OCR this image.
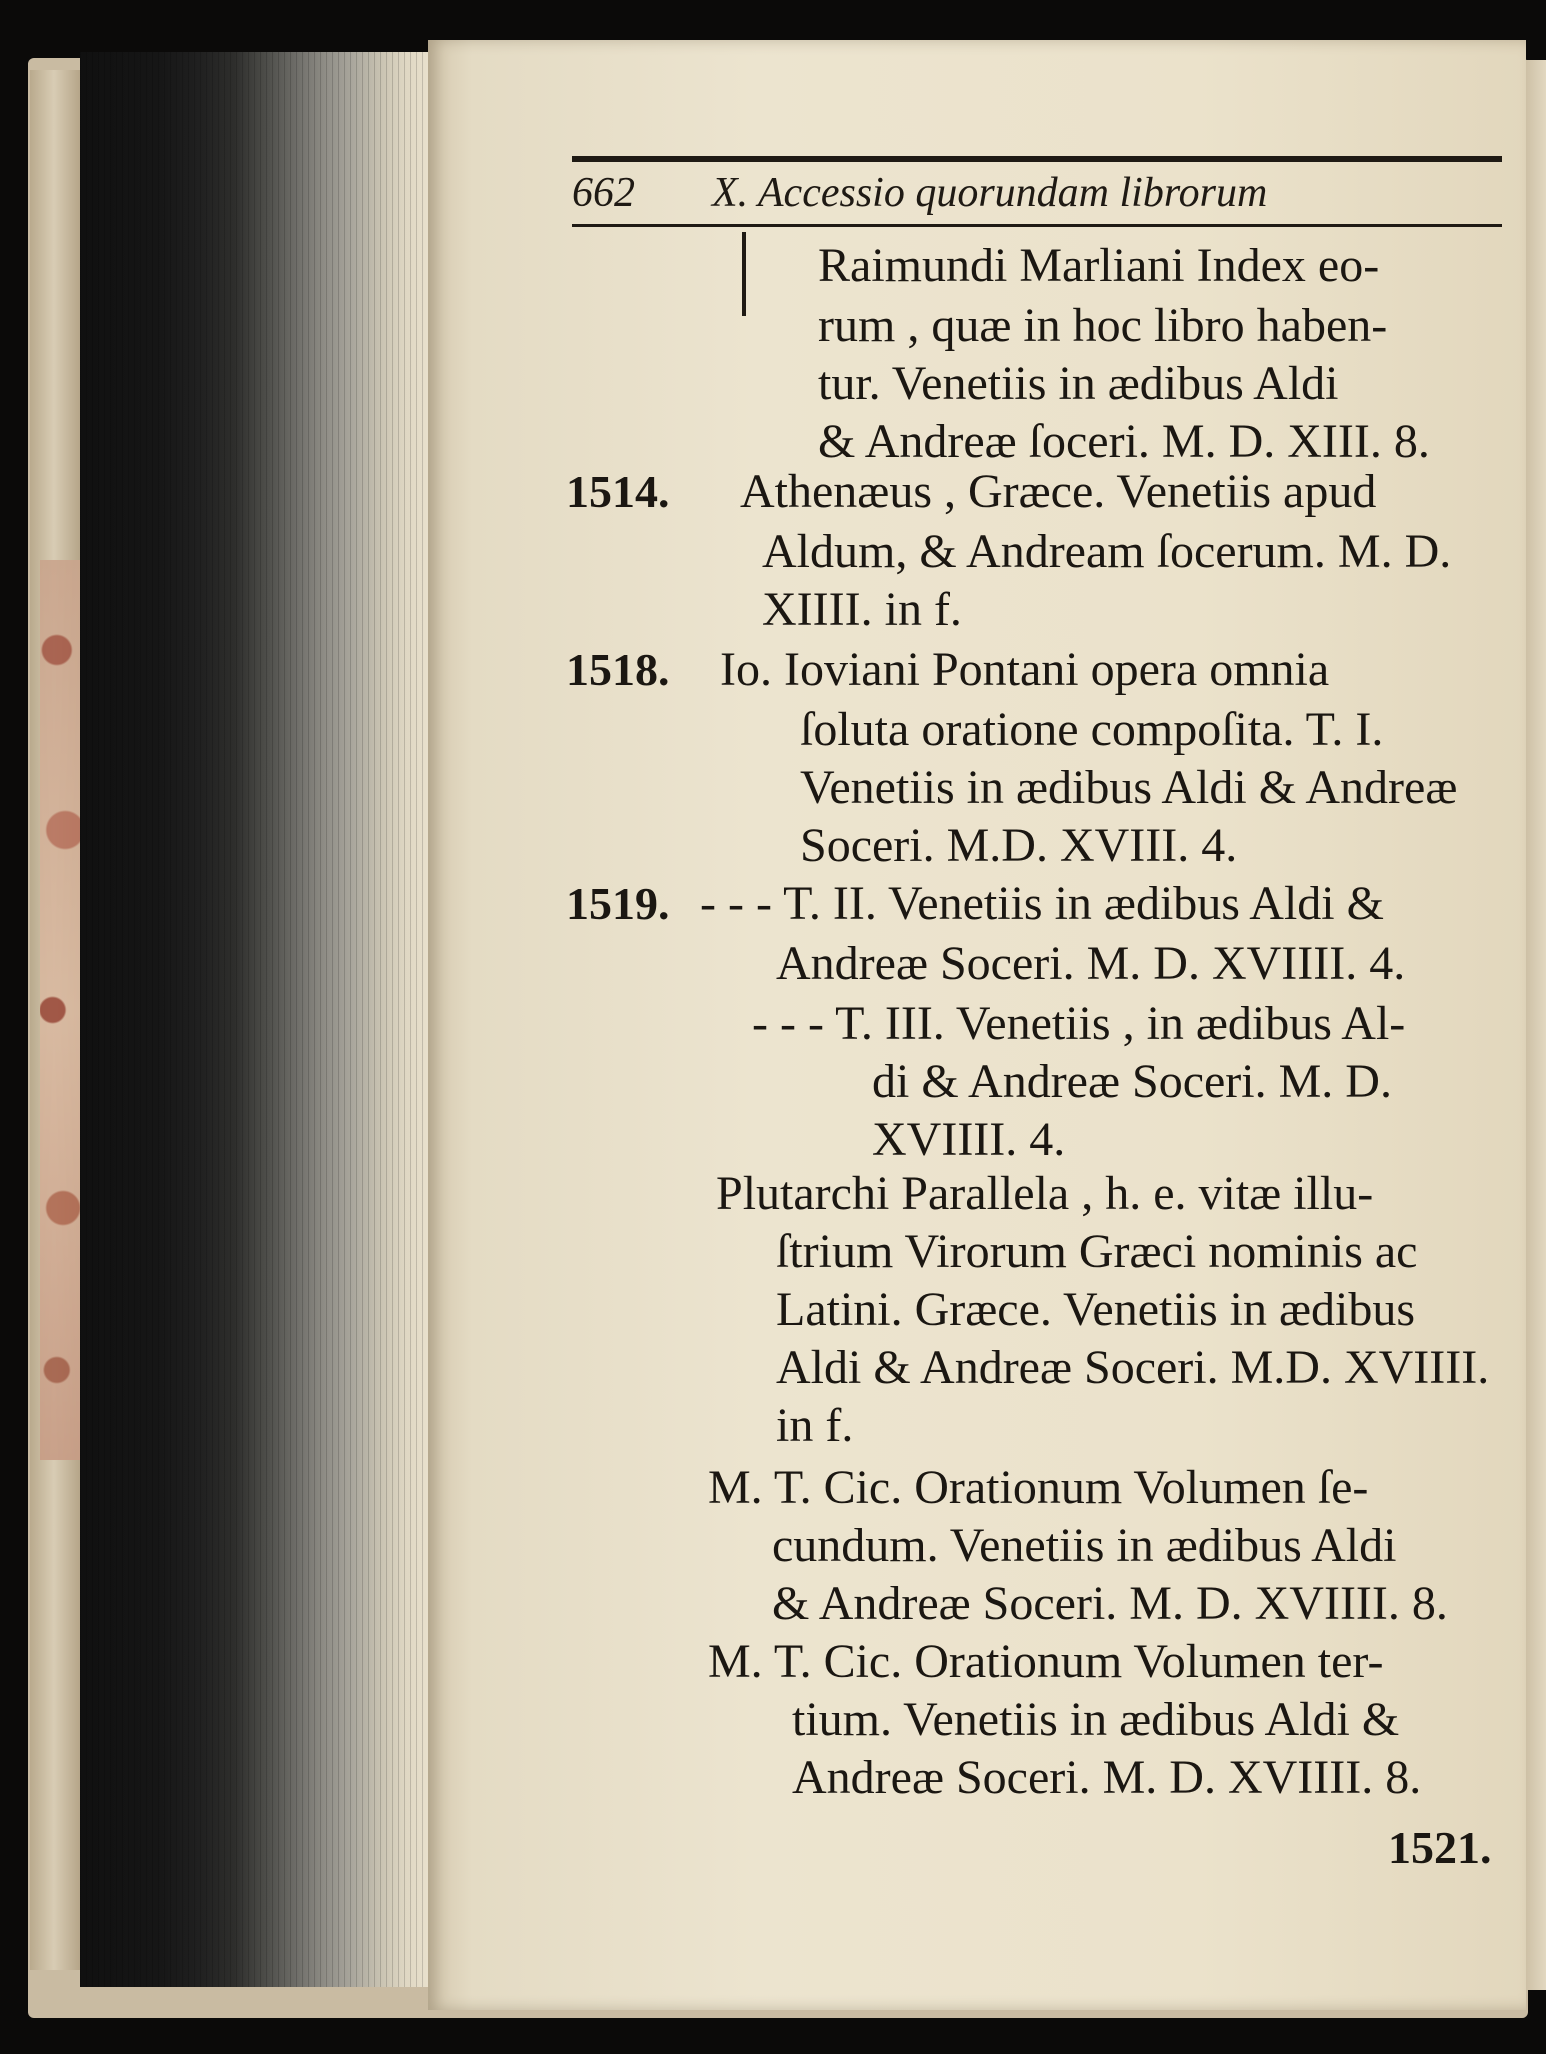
662 X. Accessio quorundam librorum
Raimundi Marliani Index eo-
rum , quæ in hoc libro haben-
tur. Venetiis in ædibus Aldi
& Andreæ ſoceri. M. D. XIII. 8.
1514. Athenæus , Græce. Venetiis apud
Aldum, & Andream ſocerum. M. D.
XIIII. in f.
1518. Io. Ioviani Pontani opera omnia
ſoluta oratione compoſita. T. I.
Venetiis in ædibus Aldi & Andreæ
Soceri. M.D. XVIII. 4.
1519. - - - T. II. Venetiis in ædibus Aldi &
Andreæ Soceri. M. D. XVIIII. 4.
- - - T. III. Venetiis , in ædibus Al-
di & Andreæ Soceri. M. D.
XVIIII. 4.
Plutarchi Parallela , h. e. vitæ illu-
ſtrium Virorum Græci nominis ac
Latini. Græce. Venetiis in ædibus
Aldi & Andreæ Soceri. M.D. XVIIII.
in f.
M. T. Cic. Orationum Volumen ſe-
cundum. Venetiis in ædibus Aldi
& Andreæ Soceri. M. D. XVIIII. 8.
M. T. Cic. Orationum Volumen ter-
tium. Venetiis in ædibus Aldi &
Andreæ Soceri. M. D. XVIIII. 8.
1521.
